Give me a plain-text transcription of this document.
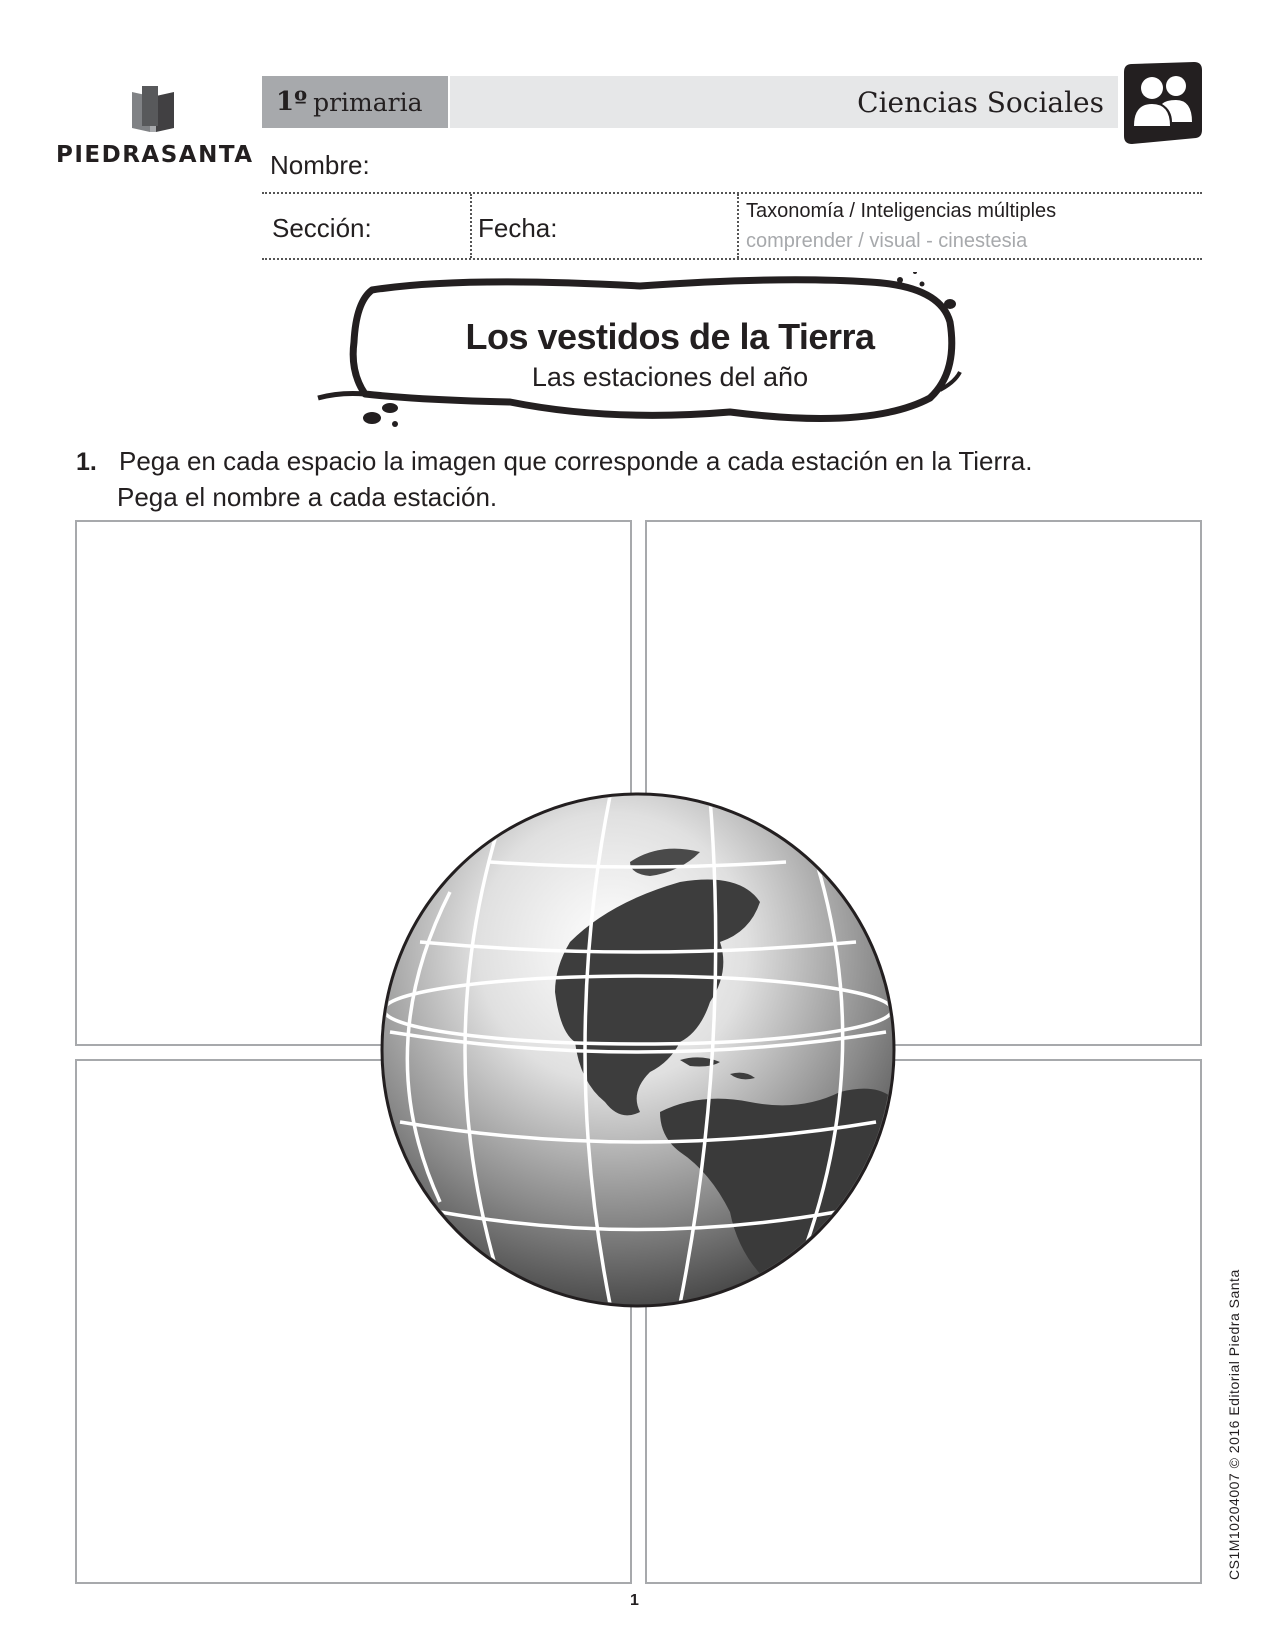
PIEDRASANTA
1º primaria	Ciencias Sociales
Nombre:
Sección:	Fecha:
Taxonomía / Inteligencias múltiples
comprender / visual - cinestesia
Los vestidos de la Tierra
Las estaciones del año
1. Pega en cada espacio la imagen que corresponde a cada estación en la Tierra.
Pega el nombre a cada estación.
1
CS1M10204007 © 2016 Editorial Piedra Santa
